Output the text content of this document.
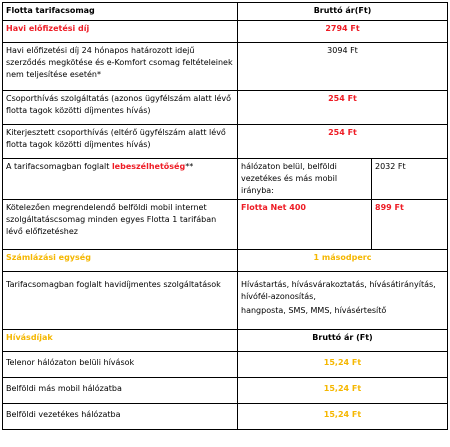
Flotta tarifacsomag	Bruttó ár(Ft)	
Havi előfizetési díj	2794 Ft	
Havi előfizetési díj 24 hónapos határozott idejű szerződés megkötése és e-Komfort csomag feltételeinek nem teljesítése esetén*	3094 Ft	
Csoporthívás szolgáltatás (azonos ügyfélszám alatt lévő flotta tagok közötti díjmentes hívás)	254 Ft	
Kiterjesztett csoporthívás (eltérő ügyfélszám alatt lévő flotta tagok közötti díjmentes hívás)	254 Ft	
A tarifacsomagban foglalt lebeszélhetőség**	hálózaton belül, belföldi vezetékes és más mobil irányba:	2032 Ft
Kötelezően megrendelendő belföldi mobil internet szolgáltatáscsomag minden egyes Flotta 1 tarifában lévő előfizetéshez	Flotta Net 400	899 Ft
Számlázási egység	1 másodperc	
Tarifacsomagban foglalt havidíjmentes szolgáltatások	Hívástartás, hívásvárakoztatás, hívásátirányítás, hívófél-azonosítás,
hangposta, SMS, MMS, hívásértesítő	

Hívásdíjak	Bruttó ár (Ft)	
Telenor hálózaton belüli hívások	15,24 Ft	
Belföldi más mobil hálózatba	15,24 Ft	
Belföldi vezetékes hálózatba	15,24 Ft	
